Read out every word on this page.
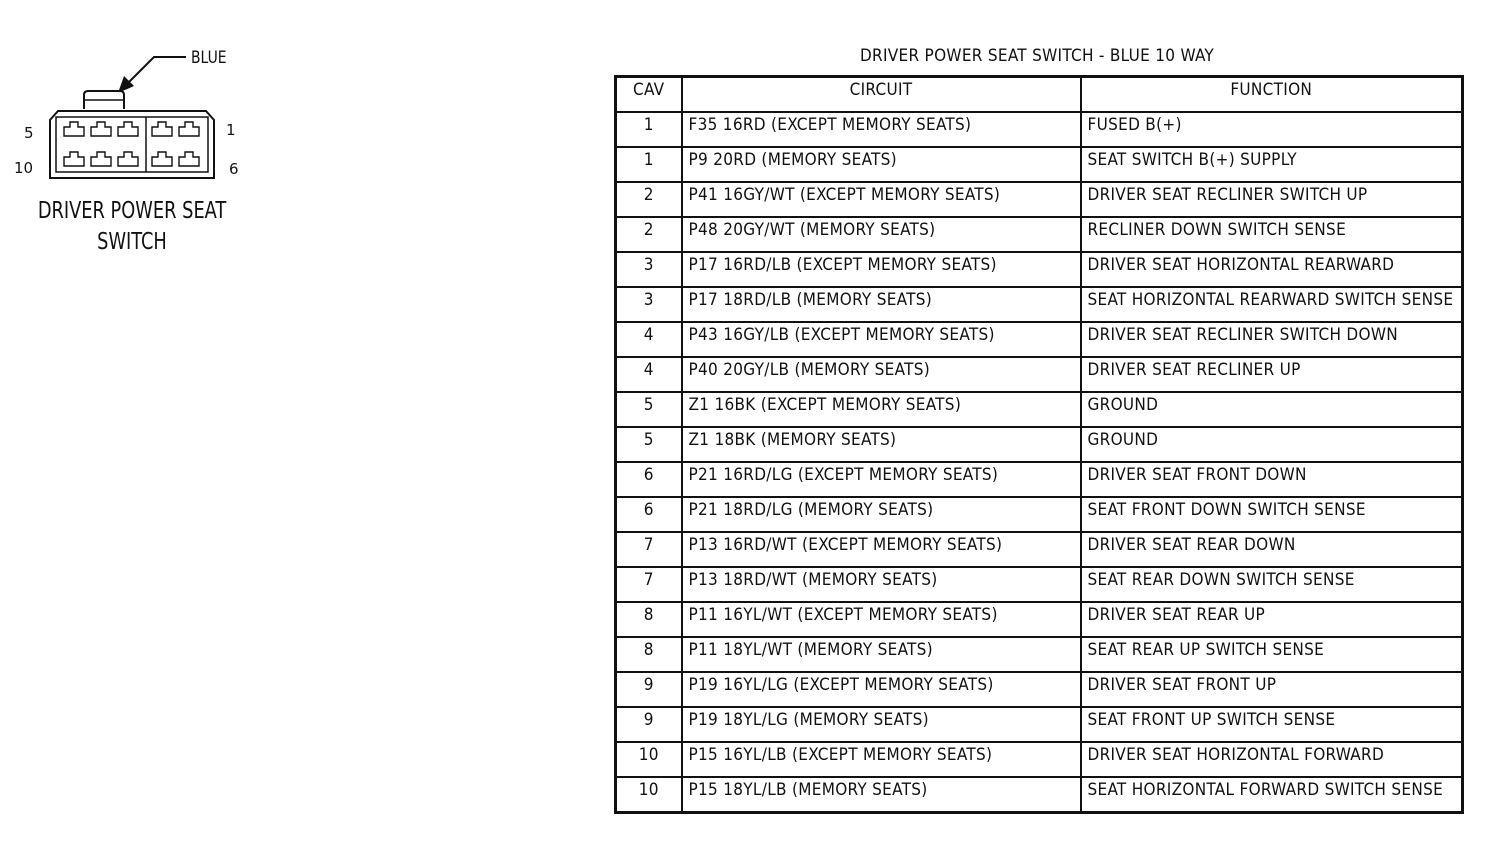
BLUE
5	1
10	6
DRIVER POWER SEAT
SWITCH
DRIVER POWER SEAT SWITCH - BLUE 10 WAY
CAV	CIRCUIT	FUNCTION
1	F35 16RD (EXCEPT MEMORY SEATS)	FUSED B(+)
1	P9 20RD (MEMORY SEATS)	SEAT SWITCH B(+) SUPPLY
2	P41 16GY/WT (EXCEPT MEMORY SEATS)	DRIVER SEAT RECLINER SWITCH UP
2	P48 20GY/WT (MEMORY SEATS)	RECLINER DOWN SWITCH SENSE
3	P17 16RD/LB (EXCEPT MEMORY SEATS)	DRIVER SEAT HORIZONTAL REARWARD
3	P17 18RD/LB (MEMORY SEATS)	SEAT HORIZONTAL REARWARD SWITCH SENSE
4	P43 16GY/LB (EXCEPT MEMORY SEATS)	DRIVER SEAT RECLINER SWITCH DOWN
4	P40 20GY/LB (MEMORY SEATS)	DRIVER SEAT RECLINER UP
5	Z1 16BK (EXCEPT MEMORY SEATS)	GROUND
5	Z1 18BK (MEMORY SEATS)	GROUND
6	P21 16RD/LG (EXCEPT MEMORY SEATS)	DRIVER SEAT FRONT DOWN
6	P21 18RD/LG (MEMORY SEATS)	SEAT FRONT DOWN SWITCH SENSE
7	P13 16RD/WT (EXCEPT MEMORY SEATS)	DRIVER SEAT REAR DOWN
7	P13 18RD/WT (MEMORY SEATS)	SEAT REAR DOWN SWITCH SENSE
8	P11 16YL/WT (EXCEPT MEMORY SEATS)	DRIVER SEAT REAR UP
8	P11 18YL/WT (MEMORY SEATS)	SEAT REAR UP SWITCH SENSE
9	P19 16YL/LG (EXCEPT MEMORY SEATS)	DRIVER SEAT FRONT UP
9	P19 18YL/LG (MEMORY SEATS)	SEAT FRONT UP SWITCH SENSE
10	P15 16YL/LB (EXCEPT MEMORY SEATS)	DRIVER SEAT HORIZONTAL FORWARD
10	P15 18YL/LB (MEMORY SEATS)	SEAT HORIZONTAL FORWARD SWITCH SENSE
